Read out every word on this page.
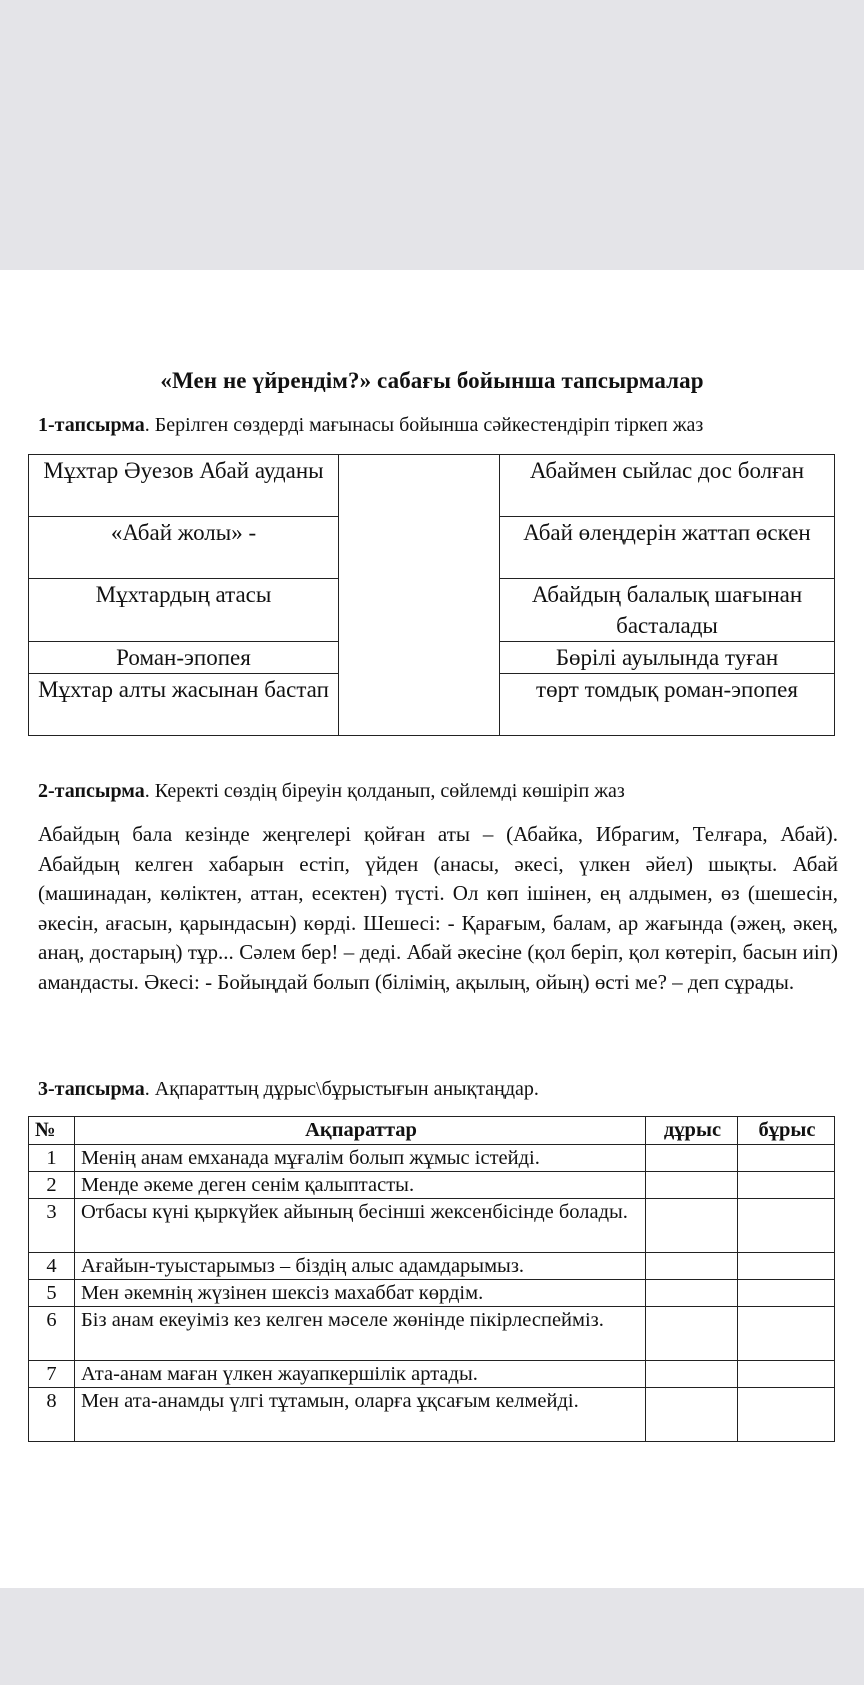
«Мен не үйрендім?» сабағы бойынша тапсырмалар
1-тапсырма. Берілген сөздерді мағынасы бойынша сәйкестендіріп тіркеп жаз
Мұхтар Әуезов Абай ауданы		Абаймен сыйлас дос болған
«Абай жолы» -		Абай өлеңдерін жаттап өскен
Мұхтардың атасы		Абайдың балалық шағынан басталады
Роман-эпопея		Бөрілі ауылында туған
Мұхтар алты жасынан бастап		төрт томдық роман-эпопея
2-тапсырма. Керекті сөздің біреуін қолданып, сөйлемді көшіріп жаз
Абайдың бала кезінде жеңгелері қойған аты – (Абайка, Ибрагим, Телғара, Абай). Абайдың келген хабарын естіп, үйден (анасы, әкесі, үлкен әйел) шықты. Абай (машинадан, көліктен, аттан, есектен) түсті. Ол көп ішінен, ең алдымен, өз (шешесін, әкесін, ағасын, қарындасын) көрді. Шешесі: - Қарағым, балам, ар жағында (әжең, әкең, анаң, достарың) тұр... Сәлем бер! – деді. Абай әкесіне (қол беріп, қол көтеріп, басын иіп) амандасты. Әкесі: - Бойыңдай болып (білімің, ақылың, ойың) өсті ме? – деп сұрады.
3-тапсырма. Ақпараттың дұрыс\бұрыстығын анықтаңдар.
№	Ақпараттар	дұрыс	бұрыс
1	Менің анам емханада мұғалім болып жұмыс істейді.		
2	Менде әкеме деген сенім қалыптасты.		
3	Отбасы күні қыркүйек айының бесінші жексенбісінде болады.		
4	Ағайын-туыстарымыз – біздің алыс адамдарымыз.		
5	Мен әкемнің жүзінен шексіз махаббат көрдім.		
6	Біз анам екеуіміз кез келген мәселе жөнінде пікірлеспейміз.		
7	Ата-анам маған үлкен жауапкершілік артады.		
8	Мен ата-анамды үлгі тұтамын, оларға ұқсағым келмейді.		
